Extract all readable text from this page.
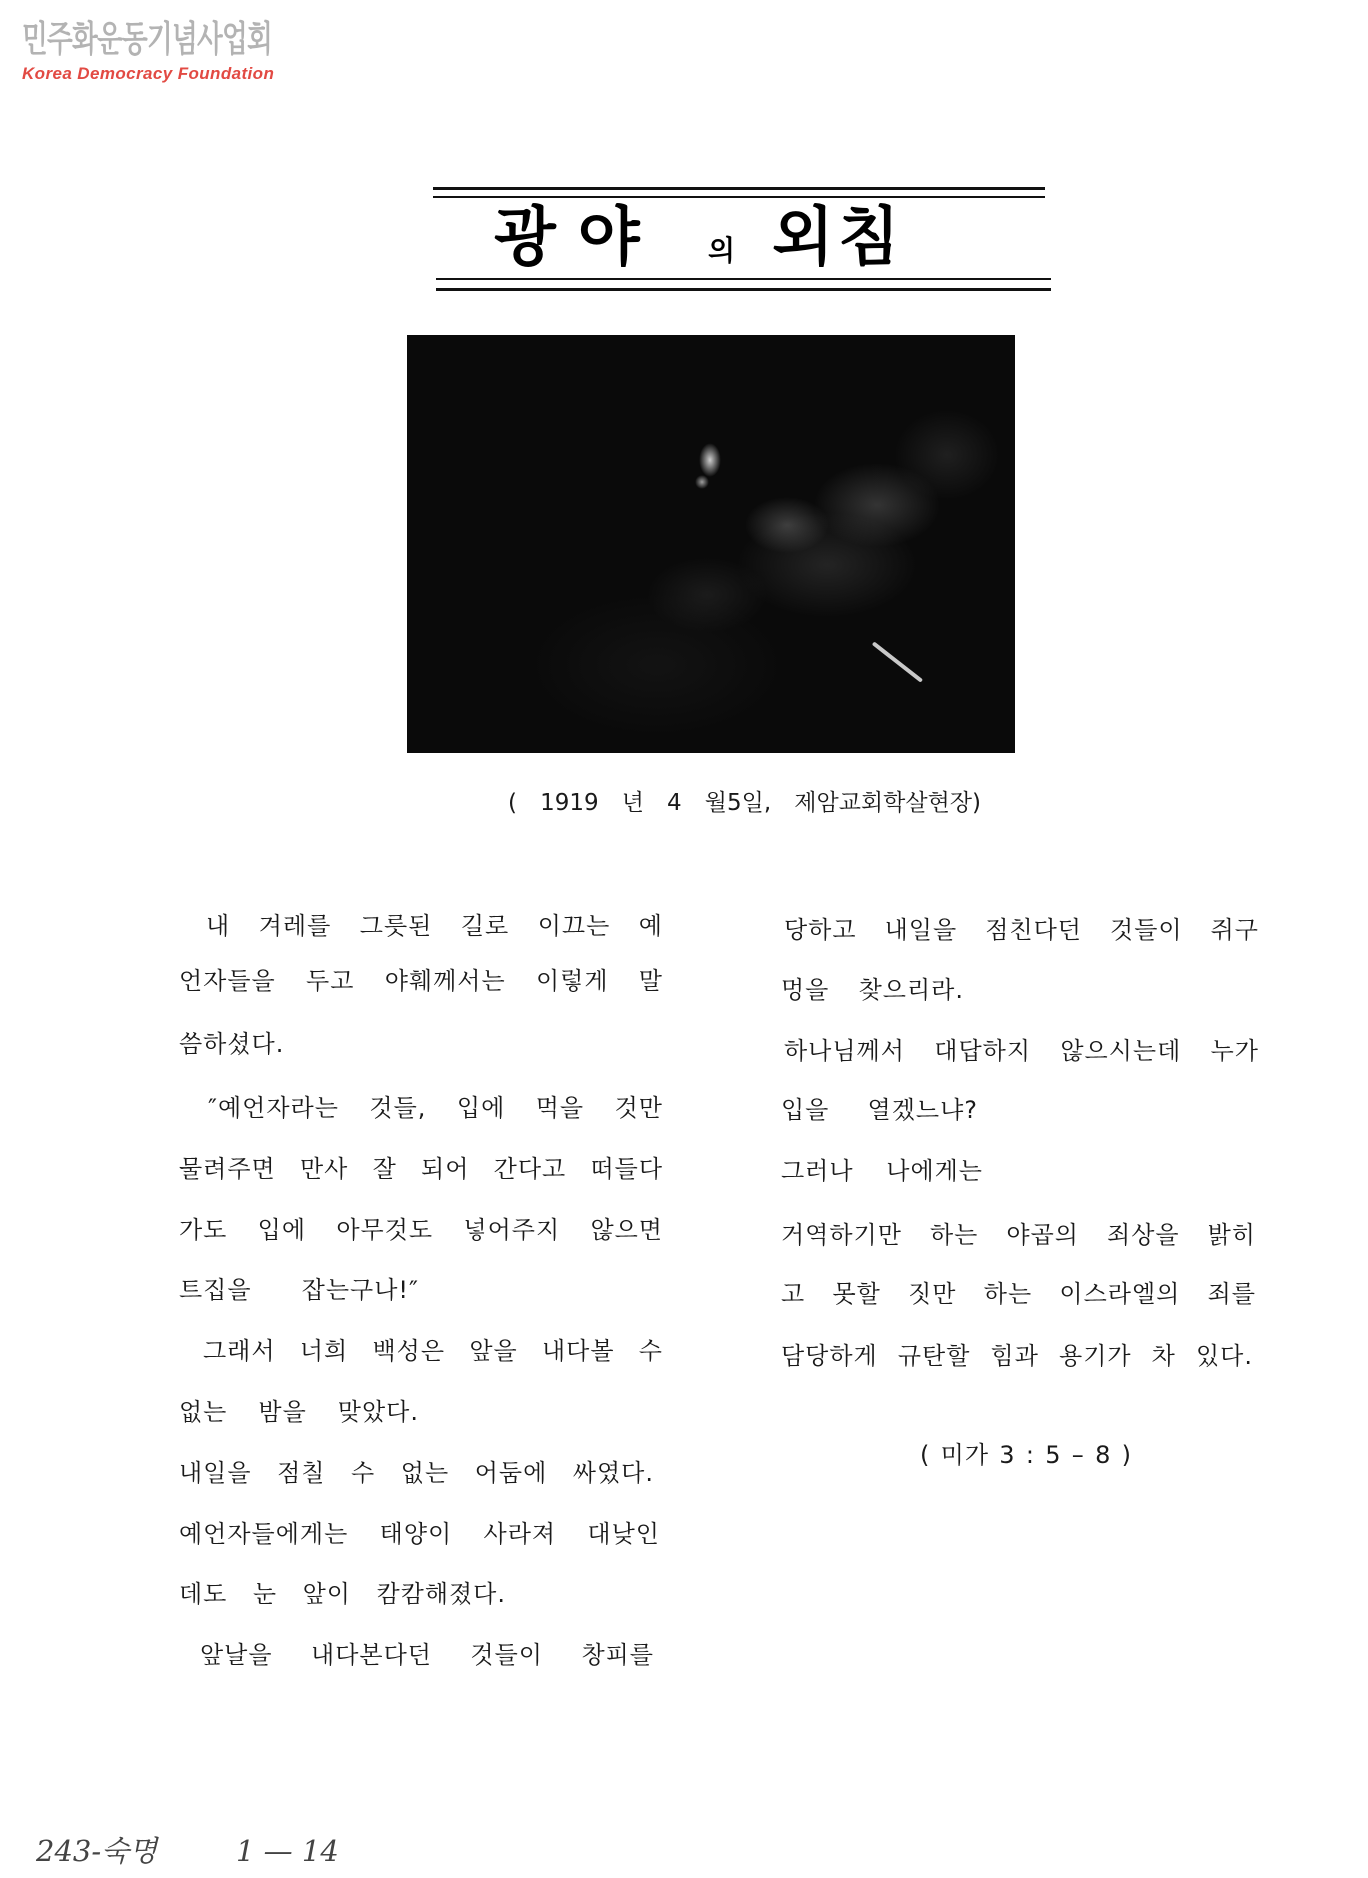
민주화운동기념사업회
Korea Democracy Foundation
광야 의 외침
( 1919 년 4 월5일, 제암교회학살현장)
내 겨레를 그릇된 길로 이끄는 예
언자들을 두고 야훼께서는 이렇게 말
씀하셨다.
″예언자라는 것들, 입에 먹을 것만
물려주면 만사 잘 되어 간다고 떠들다
가도 입에 아무것도 넣어주지 않으면
트집을 잡는구나!″
그래서 너희 백성은 앞을 내다볼 수
없는 밤을 맞았다.
내일을 점칠 수 없는 어둠에 싸였다.
예언자들에게는 태양이 사라져 대낮인
데도 눈 앞이 캄캄해졌다.
앞날을 내다본다던 것들이 창피를
당하고 내일을 점친다던 것들이 쥐구
멍을 찾으리라.
하나님께서 대답하지 않으시는데 누가
입을 열겠느냐?
그러나 나에게는
거역하기만 하는 야곱의 죄상을 밝히
고 못할 짓만 하는 이스라엘의 죄를
담당하게 규탄할 힘과 용기가 차 있다.
( 미가 3 : 5 – 8 )
243-숙명	1 — 14
